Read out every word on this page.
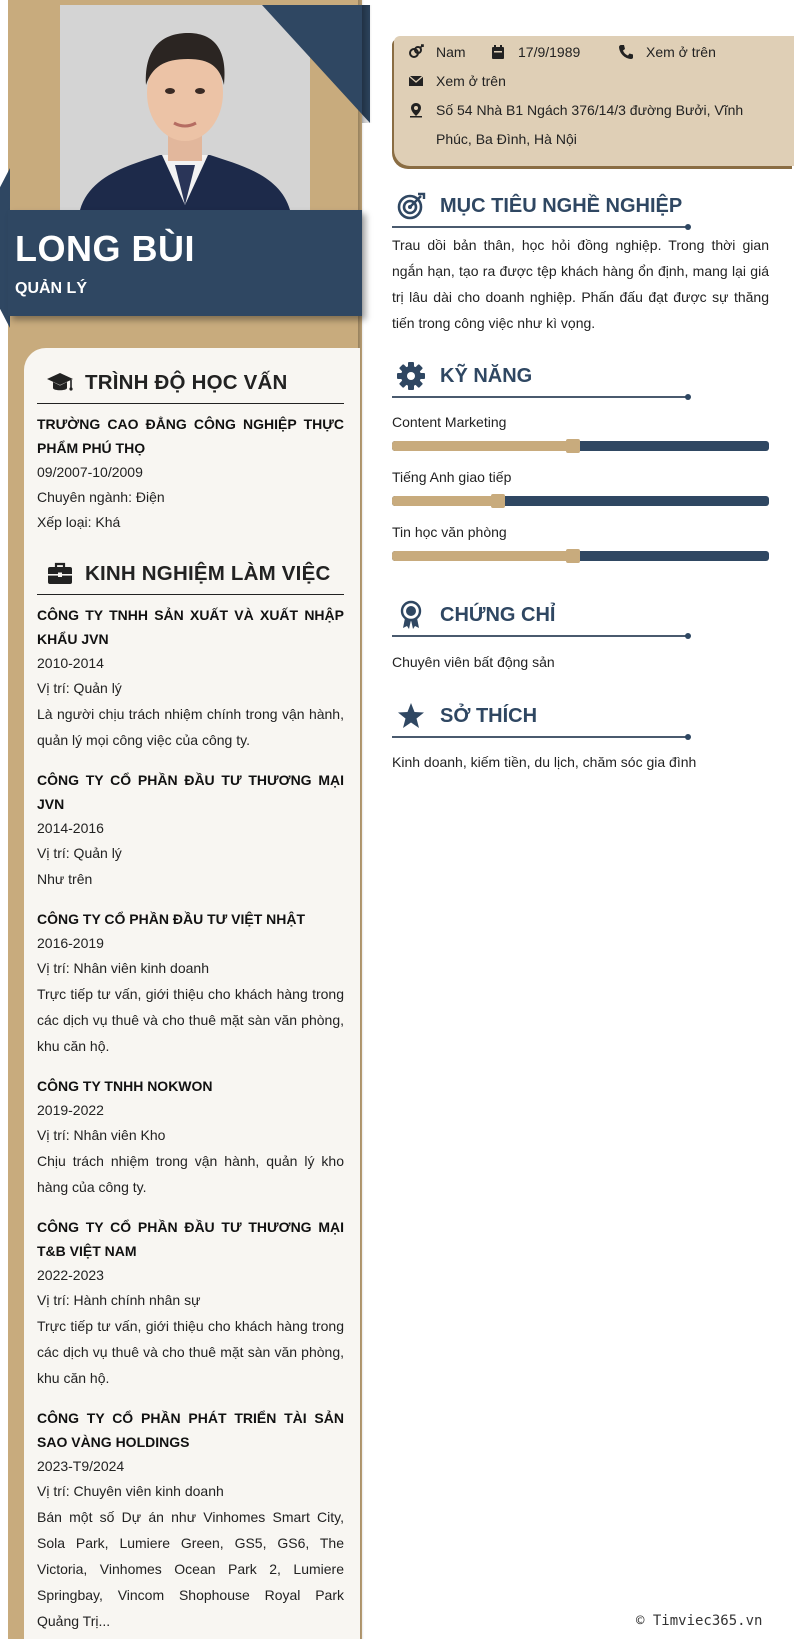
LONG BÙI
QUẢN LÝ
TRÌNH ĐỘ HỌC VẤN
TRƯỜNG CAO ĐẲNG CÔNG NGHIỆP THỰC PHẨM PHÚ THỌ
09/2007-10/2009
Chuyên ngành: Điện
Xếp loại: Khá
KINH NGHIỆM LÀM VIỆC
CÔNG TY TNHH SẢN XUẤT VÀ XUẤT NHẬP KHẨU JVN
2010-2014
Vị trí: Quản lý
Là người chịu trách nhiệm chính trong vận hành, quản lý mọi công việc của công ty.
CÔNG TY CỔ PHẦN ĐẦU TƯ THƯƠNG MẠI JVN
2014-2016
Vị trí: Quản lý
Như trên
CÔNG TY CỔ PHẦN ĐẦU TƯ VIỆT NHẬT
2016-2019
Vị trí: Nhân viên kinh doanh
Trực tiếp tư vấn, giới thiệu cho khách hàng trong các dịch vụ thuê và cho thuê mặt sàn văn phòng, khu căn hộ.
CÔNG TY TNHH NOKWON
2019-2022
Vị trí: Nhân viên Kho
Chịu trách nhiệm trong vận hành, quản lý kho hàng của công ty.
CÔNG TY CỔ PHẦN ĐẦU TƯ THƯƠNG MẠI T&B VIỆT NAM
2022-2023
Vị trí: Hành chính nhân sự
Trực tiếp tư vấn, giới thiệu cho khách hàng trong các dịch vụ thuê và cho thuê mặt sàn văn phòng, khu căn hộ.
CÔNG TY CỔ PHẦN PHÁT TRIỂN TÀI SẢN SAO VÀNG HOLDINGS
2023-T9/2024
Vị trí: Chuyên viên kinh doanh
Bán một số Dự án như Vinhomes Smart City, Sola Park, Lumiere Green, GS5, GS6, The Victoria, Vinhomes Ocean Park 2, Lumiere Springbay, Vincom Shophouse Royal Park Quảng Trị...
Nam	17/9/1989	Xem ở trên
Xem ở trên
Số 54 Nhà B1 Ngách 376/14/3 đường Bưởi, Vĩnh
Phúc, Ba Đình, Hà Nội
MỤC TIÊU NGHỀ NGHIỆP
Trau dồi bản thân, học hỏi đồng nghiệp. Trong thời gian ngắn hạn, tạo ra được tệp khách hàng ổn định, mang lại giá trị lâu dài cho doanh nghiệp. Phấn đấu đạt được sự thăng tiến trong công việc như kì vọng.
KỸ NĂNG
Content Marketing
Tiếng Anh giao tiếp
Tin học văn phòng
CHỨNG CHỈ
Chuyên viên bất động sản
SỞ THÍCH
Kinh doanh, kiếm tiền, du lịch, chăm sóc gia đình
© Timviec365.vn
